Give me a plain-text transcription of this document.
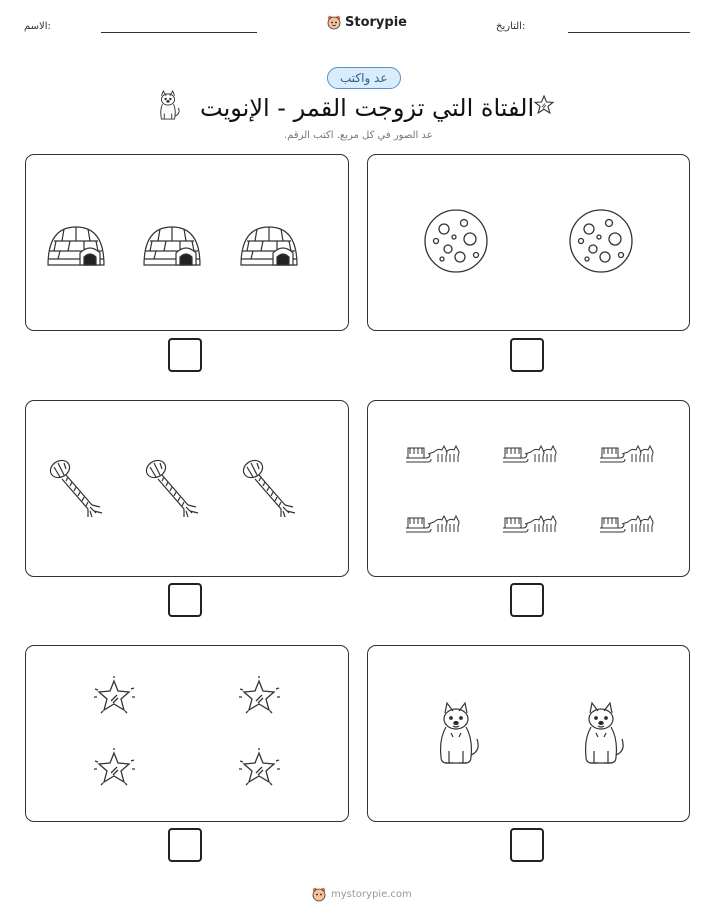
الاسم:	Storypie	التاريخ:
عد واكتب
الفتاة التي تزوجت القمر - الإنويت
عد الصور في كل مربع. اكتب الرقم.
mystorypie.com
